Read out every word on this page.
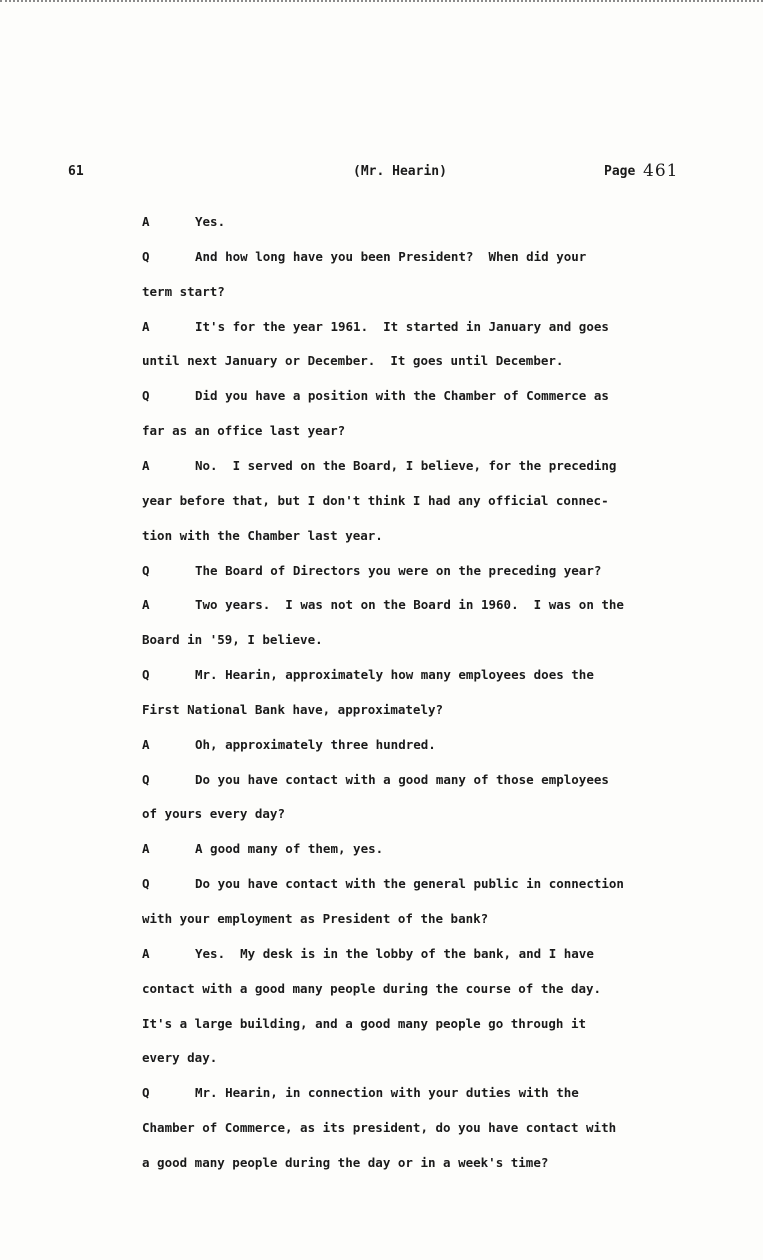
61	(Mr. Hearin)	Page 461
A	Yes.
Q	And how long have you been President?  When did your
term start?
A	It's for the year 1961.  It started in January and goes
until next January or December.  It goes until December.
Q	Did you have a position with the Chamber of Commerce as
far as an office last year?
A	No.  I served on the Board, I believe, for the preceding
year before that, but I don't think I had any official connec-
tion with the Chamber last year.
Q	The Board of Directors you were on the preceding year?
A	Two years.  I was not on the Board in 1960.  I was on the
Board in '59, I believe.
Q	Mr. Hearin, approximately how many employees does the
First National Bank have, approximately?
A	Oh, approximately three hundred.
Q	Do you have contact with a good many of those employees
of yours every day?
A	A good many of them, yes.
Q	Do you have contact with the general public in connection
with your employment as President of the bank?
A	Yes.  My desk is in the lobby of the bank, and I have
contact with a good many people during the course of the day.
It's a large building, and a good many people go through it
every day.
Q	Mr. Hearin, in connection with your duties with the
Chamber of Commerce, as its president, do you have contact with
a good many people during the day or in a week's time?
